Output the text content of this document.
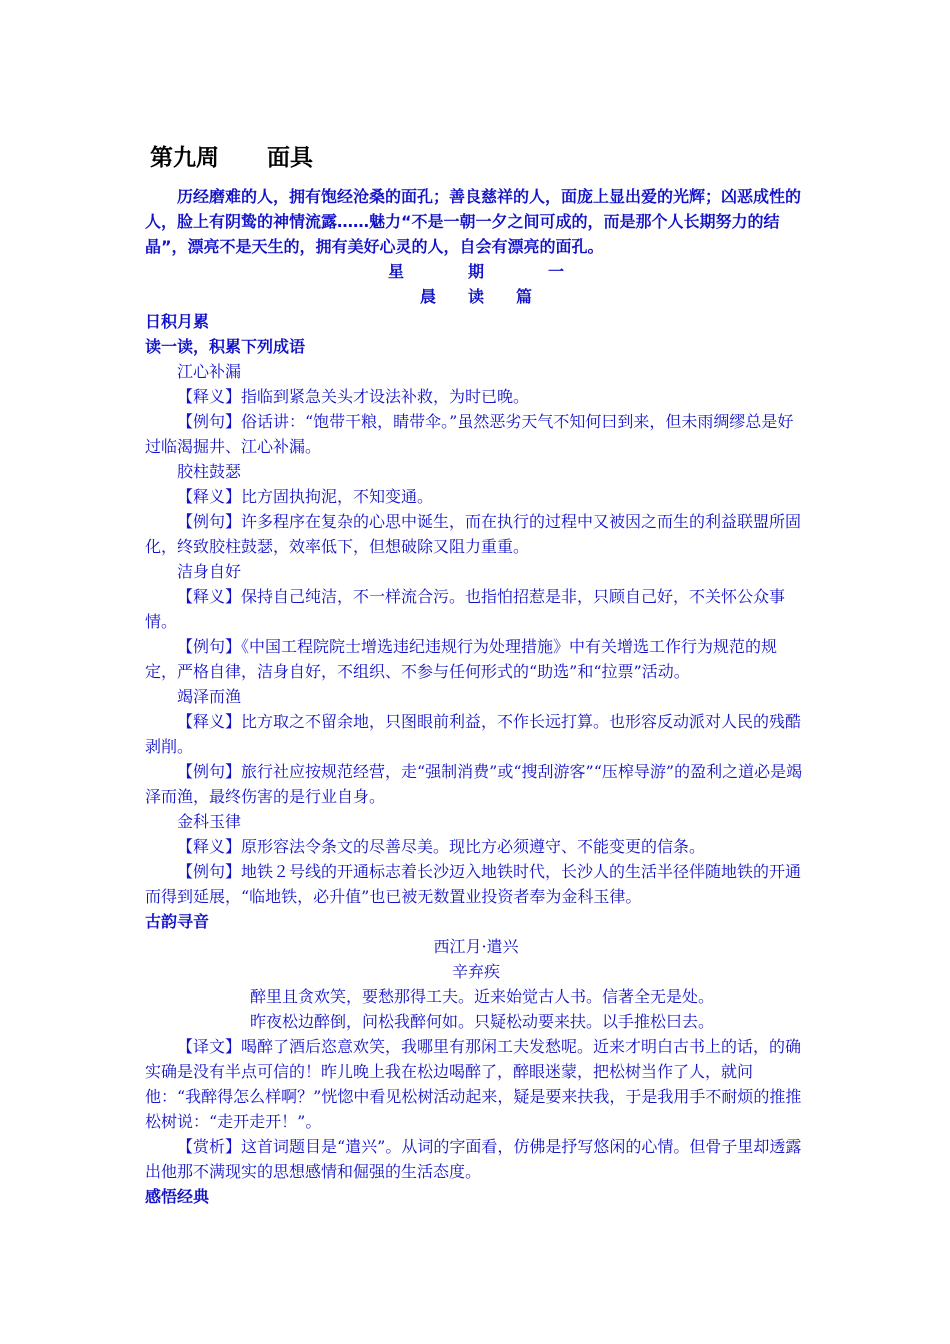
第九周 面具

历经磨难的人，拥有饱经沧桑的面孔；善良慈祥的人，面庞上显出爱的光辉；凶恶成性的人，脸上有阴鸷的神情流露……魅力“不是一朝一夕之间可成的，而是那个人长期努力的结晶”，漂亮不是天生的，拥有美好心灵的人，自会有漂亮的面孔。

星　　　　期　　　　一
晨　　读　　篇
日积月累
读一读，积累下列成语
江心补漏

【释义】指临到紧急关头才设法补救，为时已晚。

【例句】俗话讲：“饱带干粮，睛带伞。”虽然恶劣天气不知何曰到来，但未雨绸缪总是好过临渴掘井、江心补漏。

胶柱鼓瑟

【释义】比方固执拘泥，不知变通。

【例句】许多程序在复杂的心思中诞生，而在执行的过程中又被因之而生的利益联盟所固化，终致胶柱鼓瑟，效率低下，但想破除又阻力重重。

洁身自好

【释义】保持自己纯洁，不一样流合污。也指怕招惹是非，只顾自己好，不关怀公众事情。

【例句】《中国工程院院士增选违纪违规行为处理措施》中有关增选工作行为规范的规定，严格自律，洁身自好，不组织、不参与任何形式的“助选”和“拉票”活动。

竭泽而渔

【释义】比方取之不留余地，只图眼前利益，不作长远打算。也形容反动派对人民的残酷剥削。

【例句】旅行社应按规范经营，走“强制消费”或“搜刮游客”“压榨导游”的盈利之道必是竭泽而渔，最终伤害的是行业自身。

金科玉律

【释义】原形容法令条文的尽善尽美。现比方必须遵守、不能变更的信条。

【例句】地铁２号线的开通标志着长沙迈入地铁时代，长沙人的生活半径伴随地铁的开通而得到延展，“临地铁，必升值”也已被无数置业投资者奉为金科玉律。

古韵寻音
西江月·遣兴
辛弃疾
醉里且贪欢笑，要愁那得工夫。近来始觉古人书。信著全无是处。
昨夜松边醉倒，问松我醉何如。只疑松动要来扶。以手推松曰去。

【译文】喝醉了酒后恣意欢笑，我哪里有那闲工夫发愁呢。近来才明白古书上的话，的确实确是没有半点可信的！昨儿晚上我在松边喝醉了，醉眼迷蒙，把松树当作了人，就问他：“我醉得怎么样啊？”恍惚中看见松树活动起来，疑是要来扶我，于是我用手不耐烦的推推松树说：“走开走开！”。

【赏析】这首词题目是“遣兴”。从词的字面看，仿佛是抒写悠闲的心情。但骨子里却透露出他那不满现实的思想感情和倔强的生活态度。

感悟经典
